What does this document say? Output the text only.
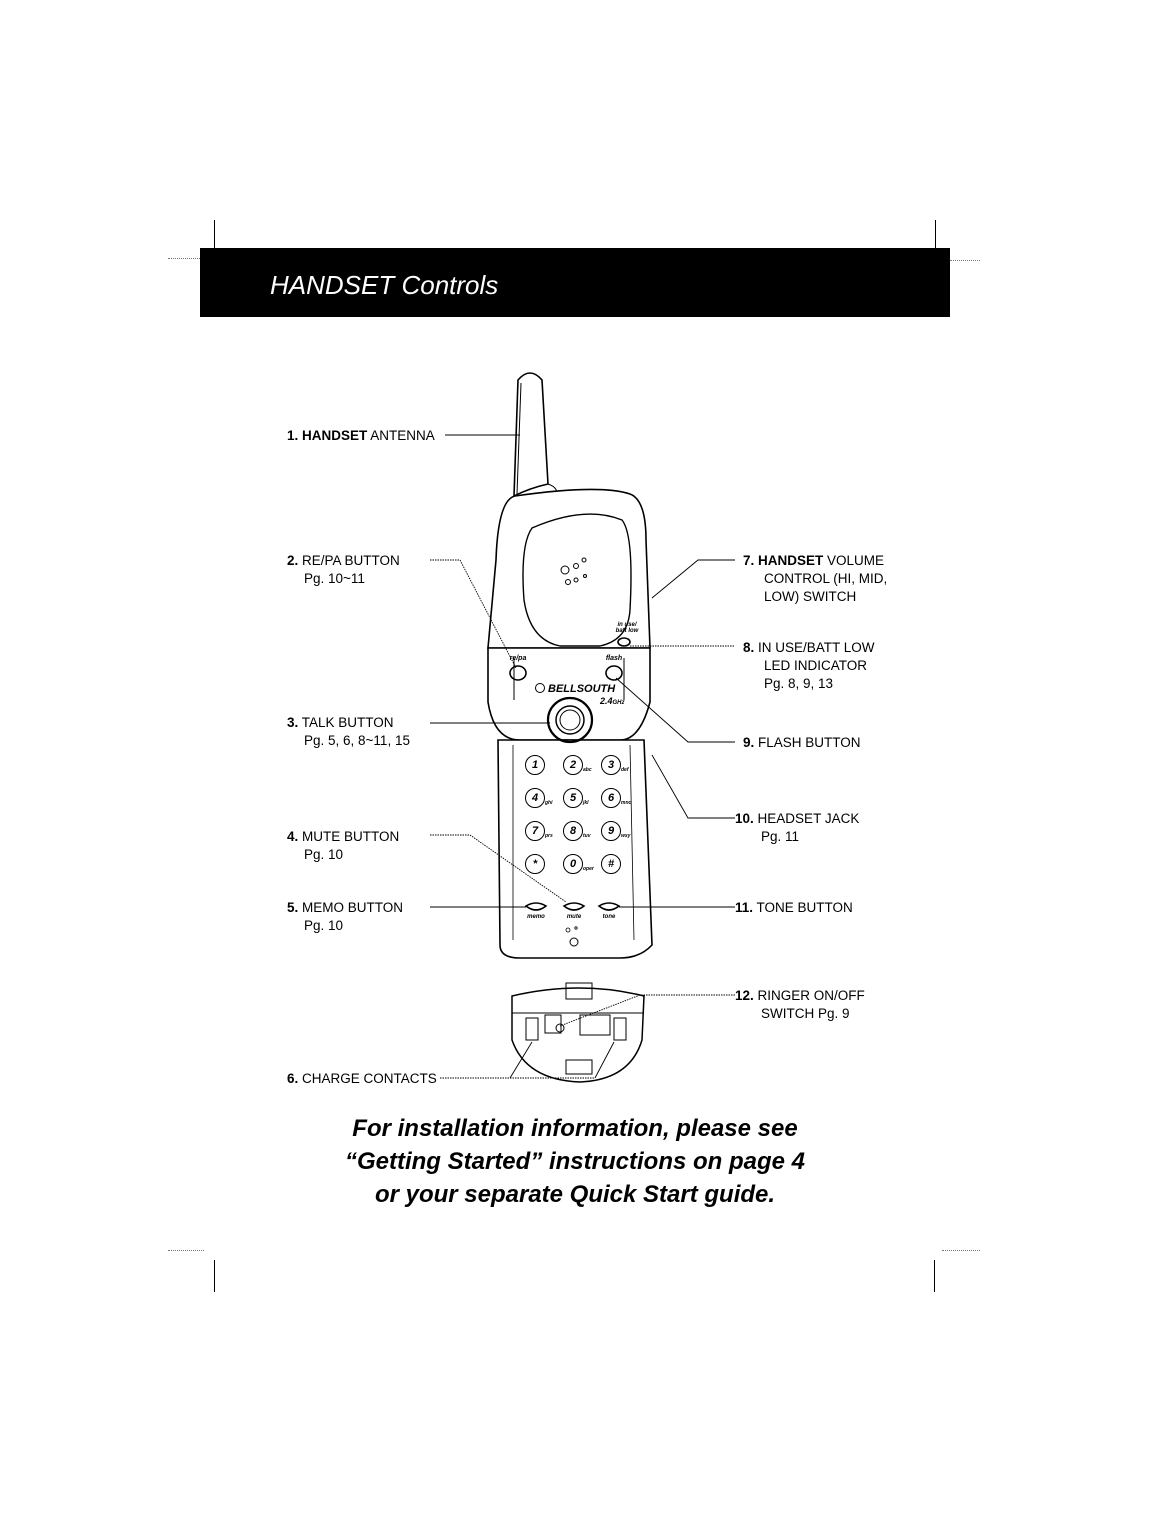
HANDSET Controls
in use/
batt low
re/pa	flash
BELLSOUTH
2.4GHz
1	2	abc	3	def
4	ghi	5	jkl	6	mno
7	prs	8	tuv	9	wxy
*	0	oper	#
memo	mute	tone
1. HANDSET ANTENNA
2. RE/PA BUTTON
Pg. 10~11
3. TALK BUTTON
Pg. 5, 6, 8~11, 15
4. MUTE BUTTON
Pg. 10
5. MEMO BUTTON
Pg. 10
6. CHARGE CONTACTS
7. HANDSET VOLUME
CONTROL (HI, MID,
LOW) SWITCH
8. IN USE/BATT LOW
LED INDICATOR
Pg. 8, 9, 13
9. FLASH BUTTON
10. HEADSET JACK
Pg. 11
11. TONE BUTTON
12. RINGER ON/OFF
SWITCH Pg. 9
For installation information, please see
“Getting Started” instructions on page 4
or your separate Quick Start guide.
